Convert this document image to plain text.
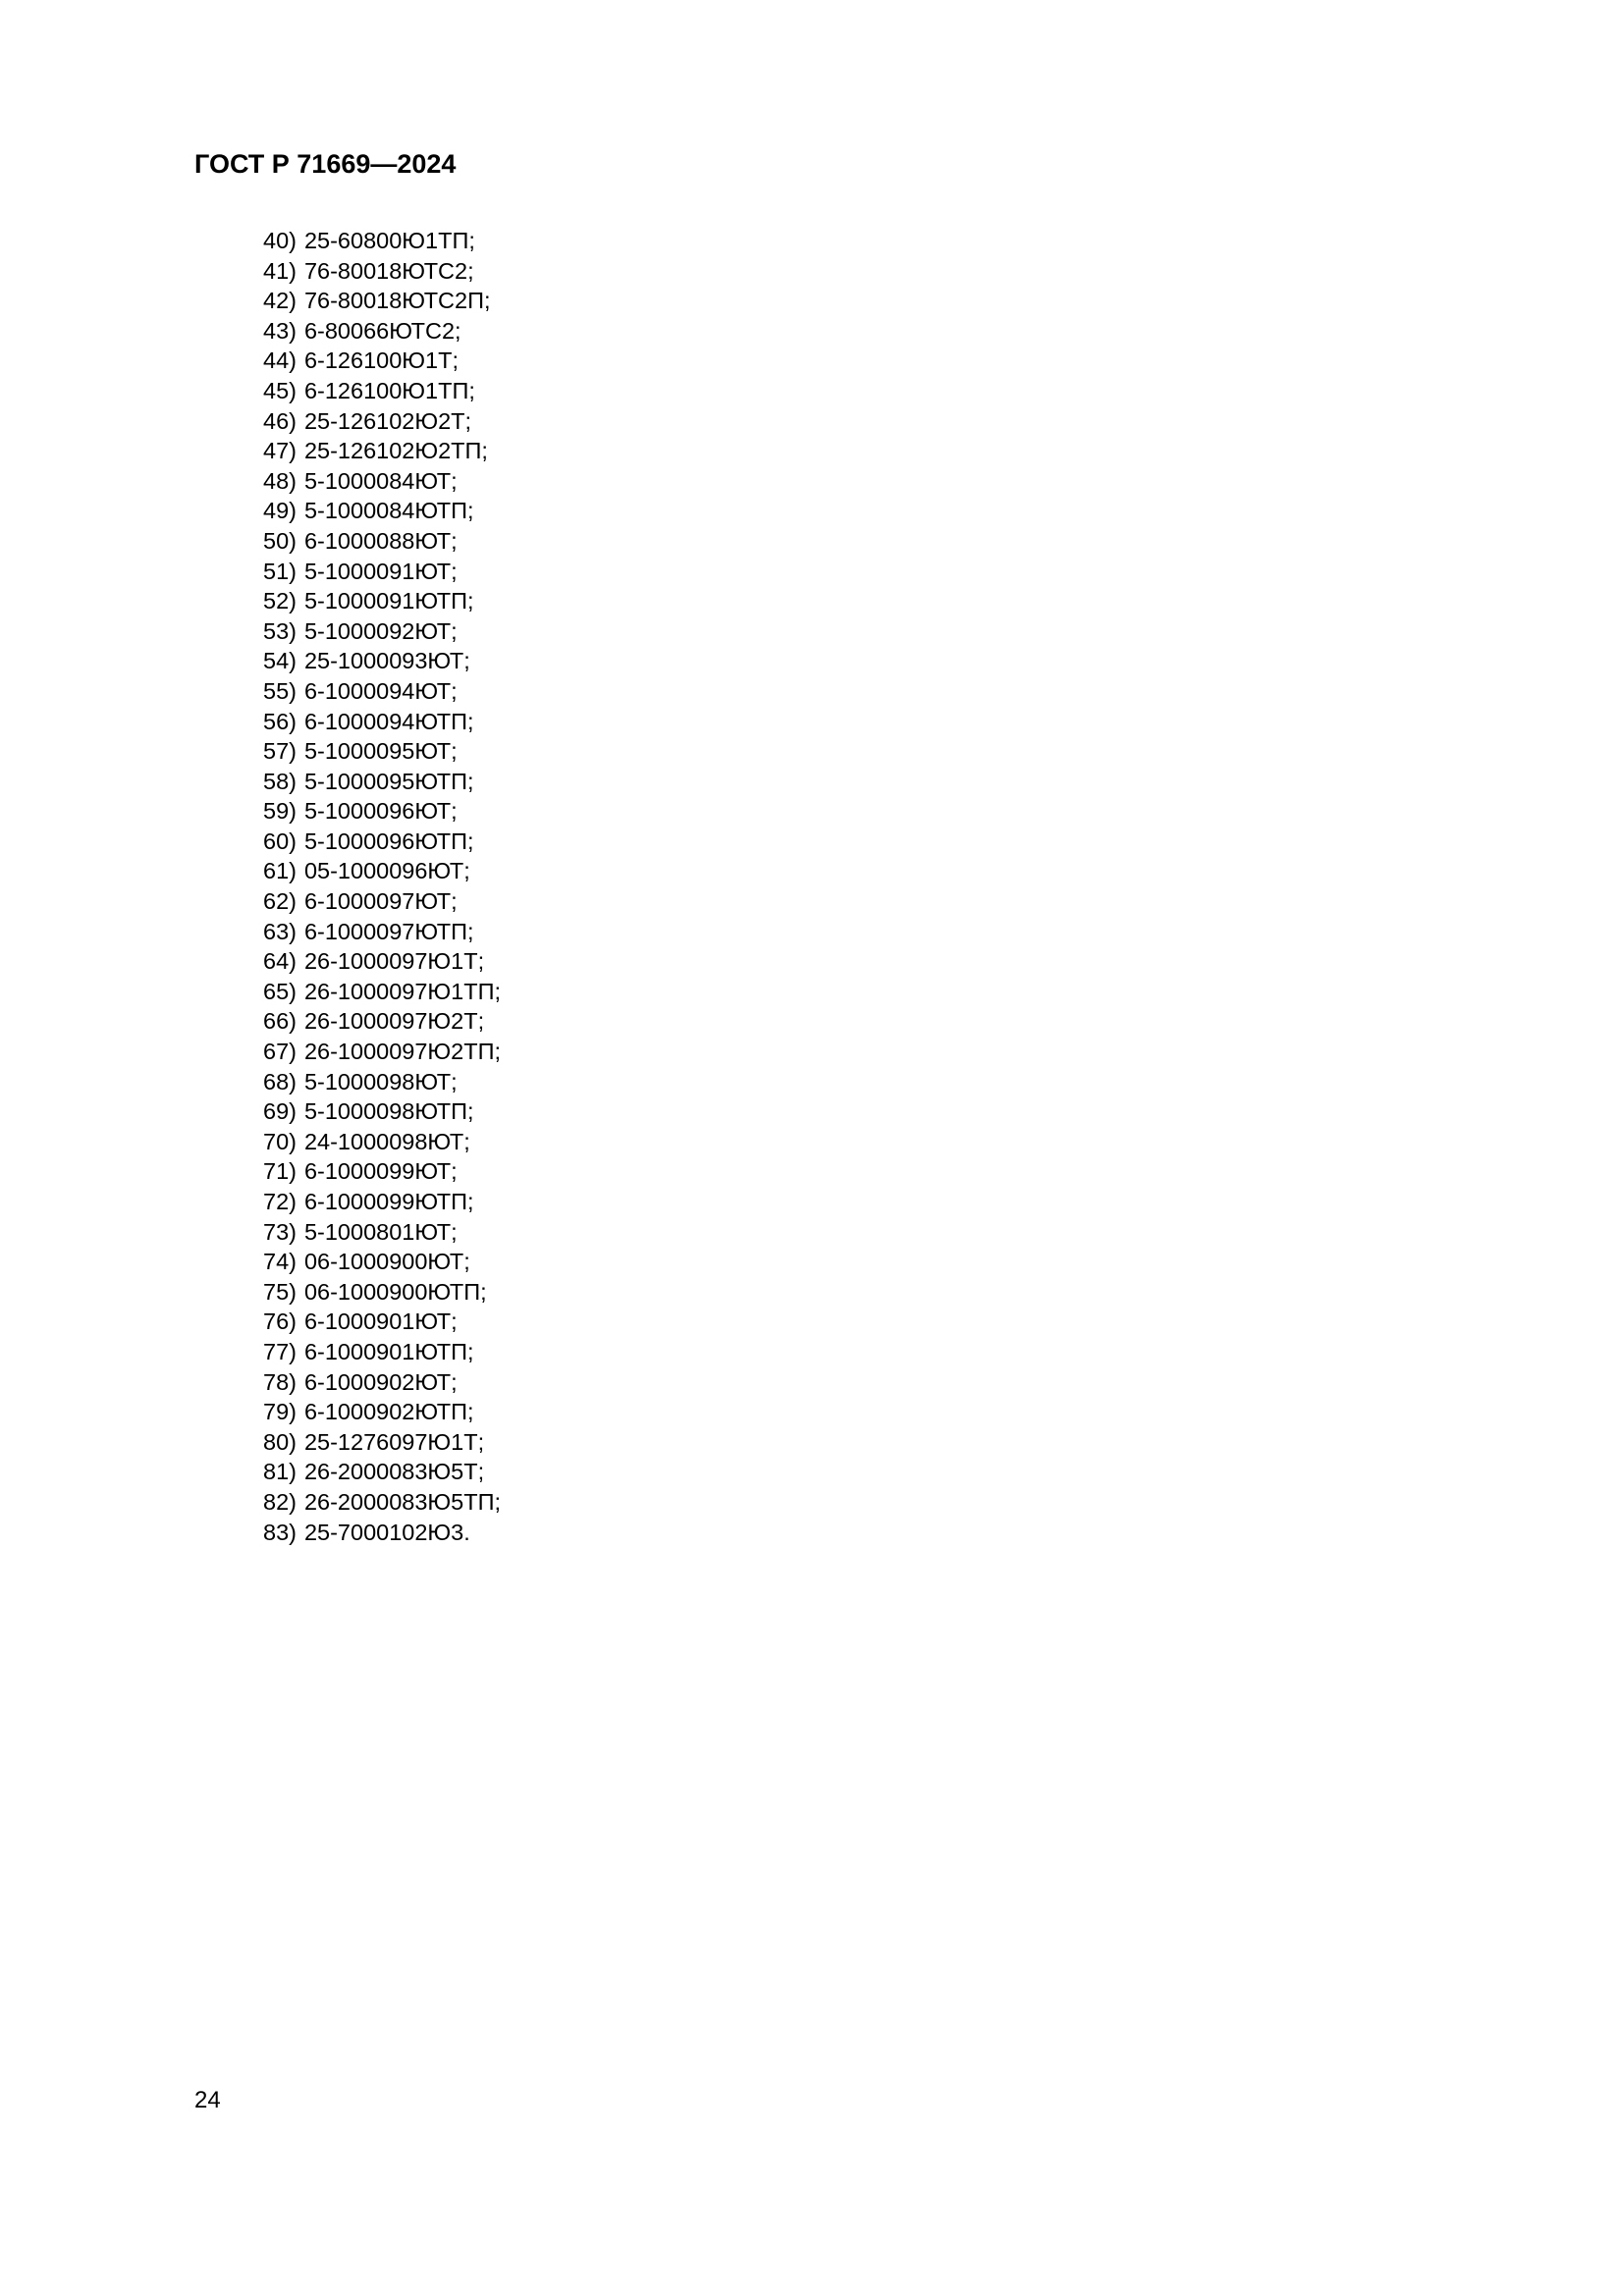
ГОСТ Р 71669—2024
40) 25-60800Ю1ТП;
41) 76-80018ЮТС2;
42) 76-80018ЮТС2П;
43) 6-80066ЮТС2;
44) 6-126100Ю1Т;
45) 6-126100Ю1ТП;
46) 25-126102Ю2Т;
47) 25-126102Ю2ТП;
48) 5-1000084ЮТ;
49) 5-1000084ЮТП;
50) 6-1000088ЮТ;
51) 5-1000091ЮТ;
52) 5-1000091ЮТП;
53) 5-1000092ЮТ;
54) 25-1000093ЮТ;
55) 6-1000094ЮТ;
56) 6-1000094ЮТП;
57) 5-1000095ЮТ;
58) 5-1000095ЮТП;
59) 5-1000096ЮТ;
60) 5-1000096ЮТП;
61) 05-1000096ЮТ;
62) 6-1000097ЮТ;
63) 6-1000097ЮТП;
64) 26-1000097Ю1Т;
65) 26-1000097Ю1ТП;
66) 26-1000097Ю2Т;
67) 26-1000097Ю2ТП;
68) 5-1000098ЮТ;
69) 5-1000098ЮТП;
70) 24-1000098ЮТ;
71) 6-1000099ЮТ;
72) 6-1000099ЮТП;
73) 5-1000801ЮТ;
74) 06-1000900ЮТ;
75) 06-1000900ЮТП;
76) 6-1000901ЮТ;
77) 6-1000901ЮТП;
78) 6-1000902ЮТ;
79) 6-1000902ЮТП;
80) 25-1276097Ю1Т;
81) 26-2000083Ю5Т;
82) 26-2000083Ю5ТП;
83) 25-7000102Ю3.
24
